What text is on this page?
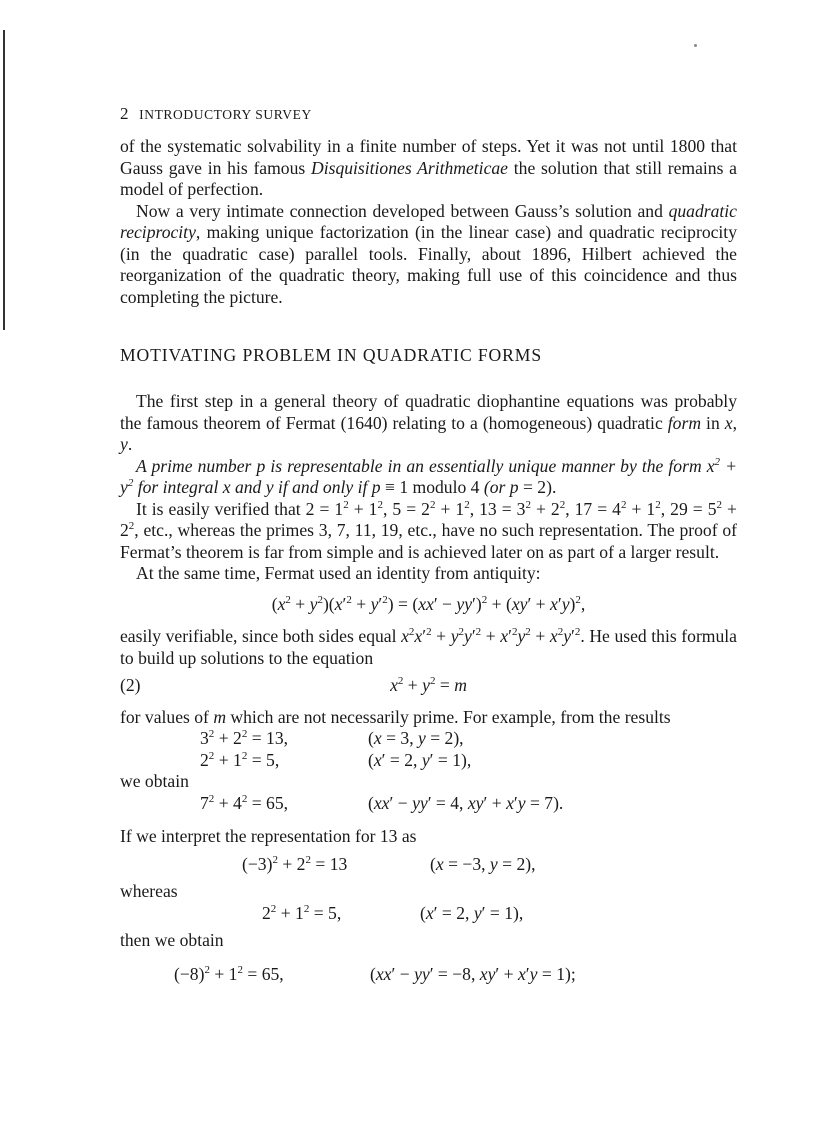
2 INTRODUCTORY SURVEY

of the systematic solvability in a finite number of steps. Yet it was not until 1800 that Gauss gave in his famous Disquisitiones Arithmeticae the solution that still remains a model of perfection.

Now a very intimate connection developed between Gauss’s solution and quadratic reciprocity, making unique factorization (in the linear case) and quadratic reciprocity (in the quadratic case) parallel tools. Finally, about 1896, Hilbert achieved the reorganization of the quadratic theory, making full use of this coincidence and thus completing the picture.

MOTIVATING PROBLEM IN QUADRATIC FORMS

The first step in a general theory of quadratic diophantine equations was probably the famous theorem of Fermat (1640) relating to a (homogeneous) quadratic form in x, y.

A prime number p is representable in an essentially unique manner by the form $x^2 + y^2$ for integral x and y if and only if p ≡ 1 modulo 4 (or p = 2).

It is easily verified that $2 = 1^2 + 1^2$, $5 = 2^2 + 1^2$, $13 = 3^2 + 2^2$, $17 = 4^2 + 1^2$, $29 = 5^2 + 2^2$, etc., whereas the primes 3, 7, 11, 19, etc., have no such representation. The proof of Fermat’s theorem is far from simple and is achieved later on as part of a larger result.

At the same time, Fermat used an identity from antiquity:

$(x^2 + y^2)(x'^2 + y'^2) = (xx' - yy')^2 + (xy' + x'y)^2$,

easily verifiable, since both sides equal $x^2x'^2 + y^2y'^2 + x'^2y^2 + x^2y'^2$. He used this formula to build up solutions to the equation

(2)	$x^2 + y^2 = m$

for values of m which are not necessarily prime. For example, from the results

$3^2 + 2^2 = 13$,	(x = 3, y = 2),
$2^2 + 1^2 = 5$,	(x′ = 2, y′ = 1),

we obtain

$7^2 + 4^2 = 65$,	(xx′ − yy′ = 4, xy′ + x′y = 7).

If we interpret the representation for 13 as

$(-3)^2 + 2^2 = 13$	(x = −3, y = 2),

whereas

$2^2 + 1^2 = 5$,	(x′ = 2, y′ = 1),

then we obtain

$(-8)^2 + 1^2 = 65$,	(xx′ − yy′ = −8, xy′ + x′y = 1);
